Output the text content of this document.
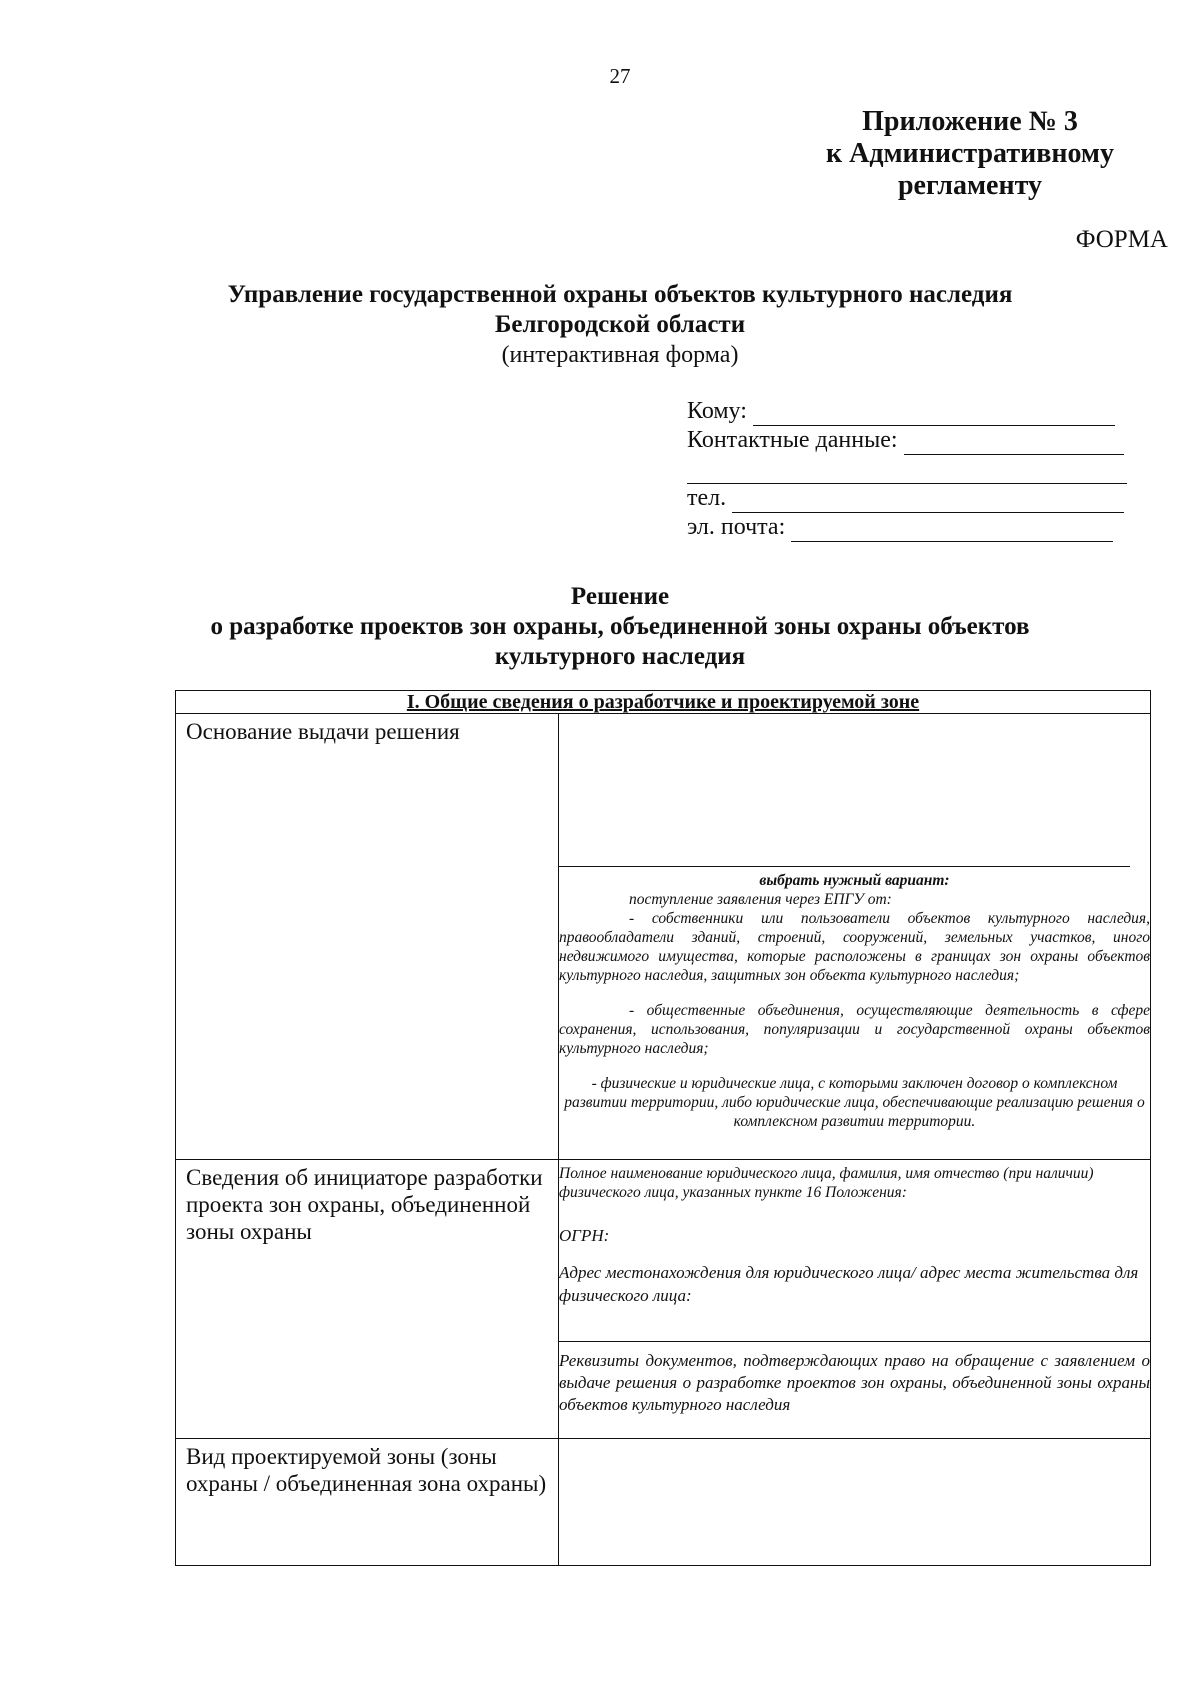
27
Приложение № 3
к Административному
регламенту
ФОРМА
Управление государственной охраны объектов культурного наследия
Белгородской области
(интерактивная форма)
Кому:
Контактные данные:
тел.
эл. почта:
Решение
о разработке проектов зон охраны, объединенной зоны охраны объектов
культурного наследия
I. Общие сведения о разработчике и проектируемой зоне	

Основание выдачи решения	выбрать нужный вариант:
поступление заявления через ЕПГУ от:
- собственники или пользователи объектов культурного наследия, правообладатели зданий, строений, сооружений, земельных участков, иного недвижимого имущества, которые расположены в границах зон охраны объектов культурного наследия, защитных зон объекта культурного наследия;
- общественные объединения, осуществляющие деятельность в сфере сохранения, использования, популяризации и государственной охраны объектов культурного наследия;
- физические и юридические лица, с которыми заключен договор о комплексном развитии территории, либо юридические лица, обеспечивающие реализацию решения о комплексном развитии территории.

Сведения об инициаторе разработки проекта зон охраны, объединенной зоны охраны	Полное наименование юридического лица, фамилия, имя отчество (при наличии) физического лица, указанных пункте 16 Положения:
ОГРН:
Адрес местонахождения для юридического лица/ адрес места жительства для физического лица:
Реквизиты документов, подтверждающих право на обращение с заявлением о выдаче решения о разработке проектов зон охраны, объединенной зоны охраны объектов культурного наследия

Вид проектируемой зоны (зоны охраны / объединенная зона охраны)	
